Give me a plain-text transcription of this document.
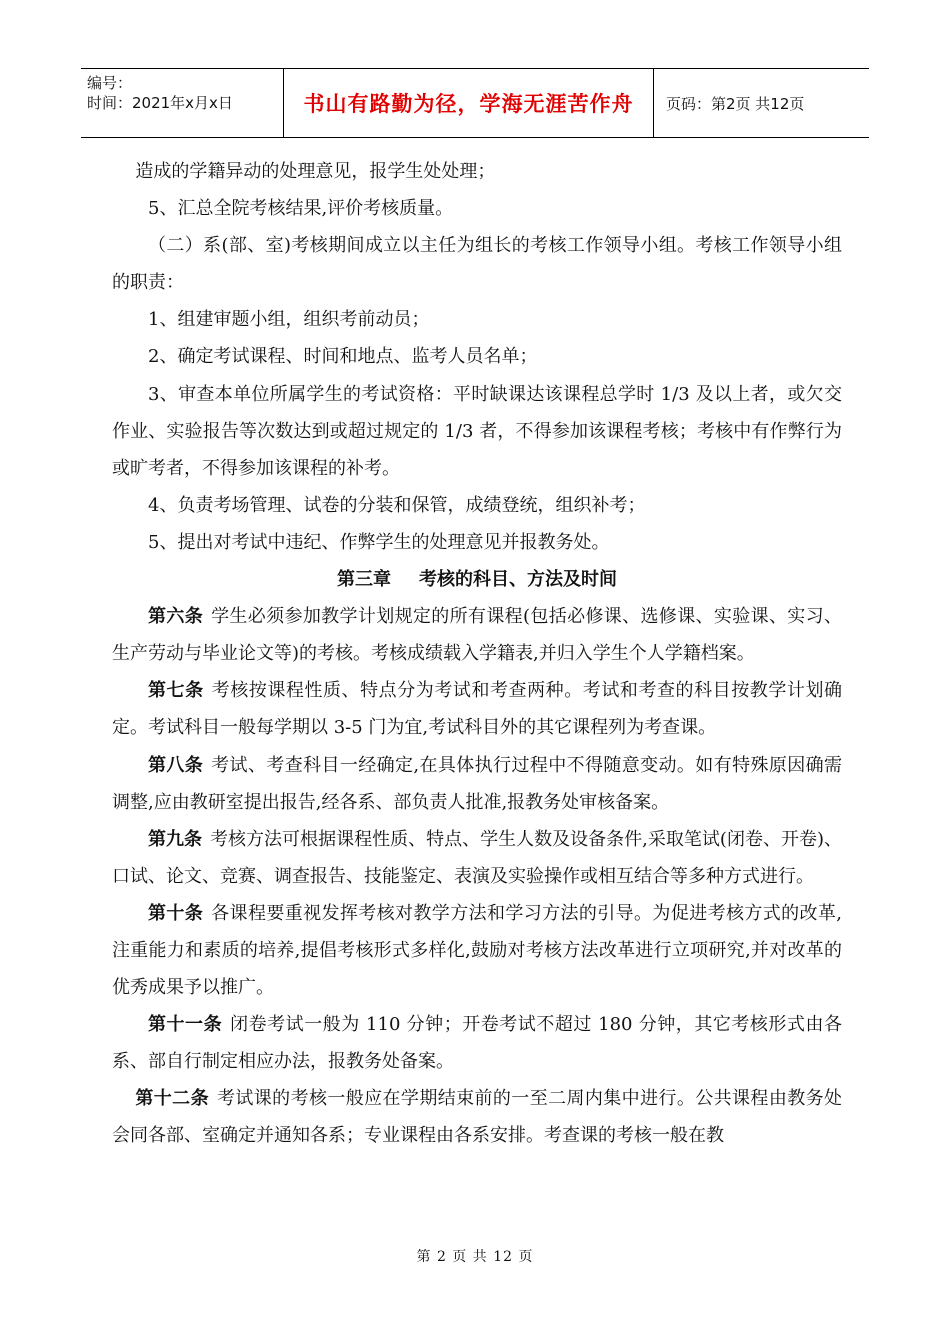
编号：
时间：2021年x月x日	书山有路勤为径，学海无涯苦作舟	页码：第2页 共12页

造成的学籍异动的处理意见，报学生处处理；

5、汇总全院考核结果,评价考核质量。

（二）系(部、室)考核期间成立以主任为组长的考核工作领导小组。考核工作领导小组的职责：

1、组建审题小组，组织考前动员；

2、确定考试课程、时间和地点、监考人员名单；

3、审查本单位所属学生的考试资格：平时缺课达该课程总学时 1/3 及以上者，或欠交作业、实验报告等次数达到或超过规定的 1/3 者，不得参加该课程考核；考核中有作弊行为或旷考者，不得参加该课程的补考。

4、负责考场管理、试卷的分装和保管，成绩登统，组织补考；

5、提出对考试中违纪、作弊学生的处理意见并报教务处。

第三章 考核的科目、方法及时间

第六条 学生必须参加教学计划规定的所有课程(包括必修课、选修课、实验课、实习、生产劳动与毕业论文等)的考核。考核成绩载入学籍表,并归入学生个人学籍档案。

第七条 考核按课程性质、特点分为考试和考查两种。考试和考查的科目按教学计划确定。考试科目一般每学期以 3-5 门为宜,考试科目外的其它课程列为考查课。

第八条 考试、考查科目一经确定,在具体执行过程中不得随意变动。如有特殊原因确需调整,应由教研室提出报告,经各系、部负责人批准,报教务处审核备案。

第九条 考核方法可根据课程性质、特点、学生人数及设备条件,采取笔试(闭卷、开卷)、口试、论文、竞赛、调查报告、技能鉴定、表演及实验操作或相互结合等多种方式进行。

第十条 各课程要重视发挥考核对教学方法和学习方法的引导。为促进考核方式的改革,注重能力和素质的培养,提倡考核形式多样化,鼓励对考核方法改革进行立项研究,并对改革的优秀成果予以推广。

第十一条 闭卷考试一般为 110 分钟；开卷考试不超过 180 分钟，其它考核形式由各系、部自行制定相应办法，报教务处备案。

第十二条 考试课的考核一般应在学期结束前的一至二周内集中进行。公共课程由教务处会同各部、室确定并通知各系；专业课程由各系安排。考查课的考核一般在教

第 2 页 共 12 页
